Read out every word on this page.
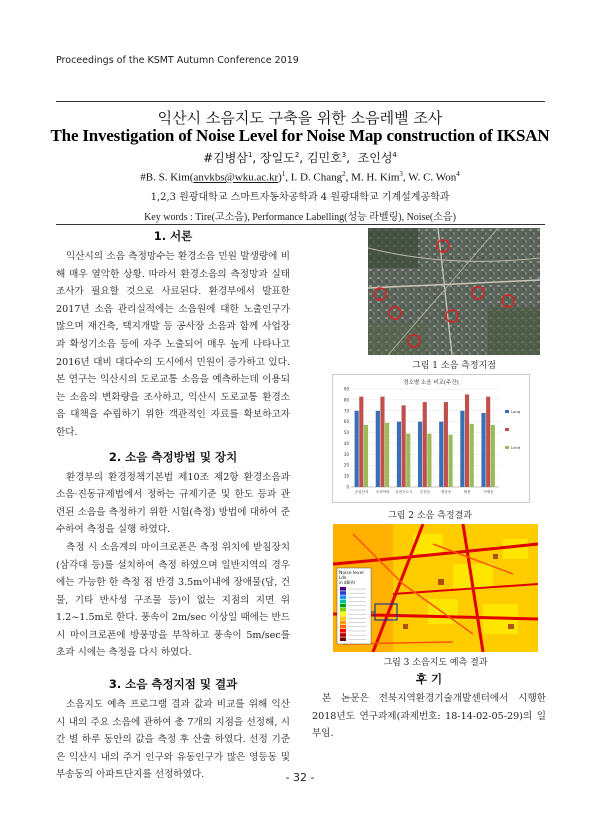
Proceedings of the KSMT Autumn Conference 2019
익산시 소음지도 구축을 위한 소음레벨 조사
The Investigation of Noise Level for Noise Map construction of IKSAN
#김병삼$^1$, 장일도$^2$, 김민호$^3$,  조인성$^4$
#B. S. Kim(anvkbs@wku.ac.kr)$^1$, I. D. Chang$^2$, M. H. Kim$^3$, W. C. Won$^4$
1,2,3 원광대학교 스마트자동차공학과 4 원광대학교 기계설계공학과
Key words : Tire(고소음), Performance Labelling(성능 라벨링), Noise(소음)
1. 서론

익산시의 소음 측정망수는 환경소음 민원 발생량에 비해 매우 열악한 상황. 따라서 환경소음의 측정망과 실태조사가 필요할 것으로 사료된다. 환경부에서 발표한 2017년 소음 관리실적에는 소음원에 대한 노출인구가 많으며 재건축, 택지개발 등 공사장 소음과 함께 사업장과 확성기소음 등에 자주 노출되어 매우 높게 나타나고 2016년 대비 대다수의 도시에서 민원이 증가하고 있다. 본 연구는 익산시의 도로교통 소음을 예측하는데 이용되는 소음의 변화량을 조사하고, 익산시 도로교통 환경소음 대책을 수립하기 위한 객관적인 자료를 확보하고자 한다.

2. 소음 측정방법 및 장치

환경부의 환경정책기본법 제10조 제2항 환경소음과 소음·진동규제법에서 정하는 규제기준 및 한도 등과 관련된 소음을 측정하기 위한 시험(측정) 방법에 대하여 준수하여 측정을 실행 하였다.

측정 시 소음계의 마이크로폰은 측정 위치에 받침장치(삼각대 등)를 설치하여 측정 하였으며 일반지역의 경우에는 가능한 한 측정 점 반경 3.5m이내에 장애물(담, 건물, 기타 반사성 구조물 등)이 없는 지점의 지면 위 1.2~1.5m로 한다. 풍속이 2m/sec 이상일 때에는 반드시 마이크로폰에 방풍망을 부착하고 풍속이 5m/sec를 초과 시에는 측정을 다시 하였다.

3. 소음 측정지점 및 결과

소음지도 예측 프로그램 결과 값과 비교를 위해 익산시 내의 주요 소음에 관하여 총 7개의 지점을 선정해, 시간 별 하루 동안의 값을 측정 후 산출 하였다. 선정 기준은 익산시 내의 주거 인구와 유동인구가 많은 영등동 및 부송동의 아파트단지를 선정하였다.

그림 1 소음 측정지점
정소별 소음 비교(주간)
공업단지 조현아파 유현오도시 부송동	영동동	팔봉	이제동
0
10
20
30
40
50
60
70
80
90
Long
Limit
그림 2 소음 측정결과
Noise level
Ldn
in dB(A)
그림 3 소음지도 예측 결과
후 기
본 논문은 전북지역환경기술개발센터에서 시행한 2018년도 연구과제(과제번호: 18-14-02-05-29)의 일부임.
- 32 -
